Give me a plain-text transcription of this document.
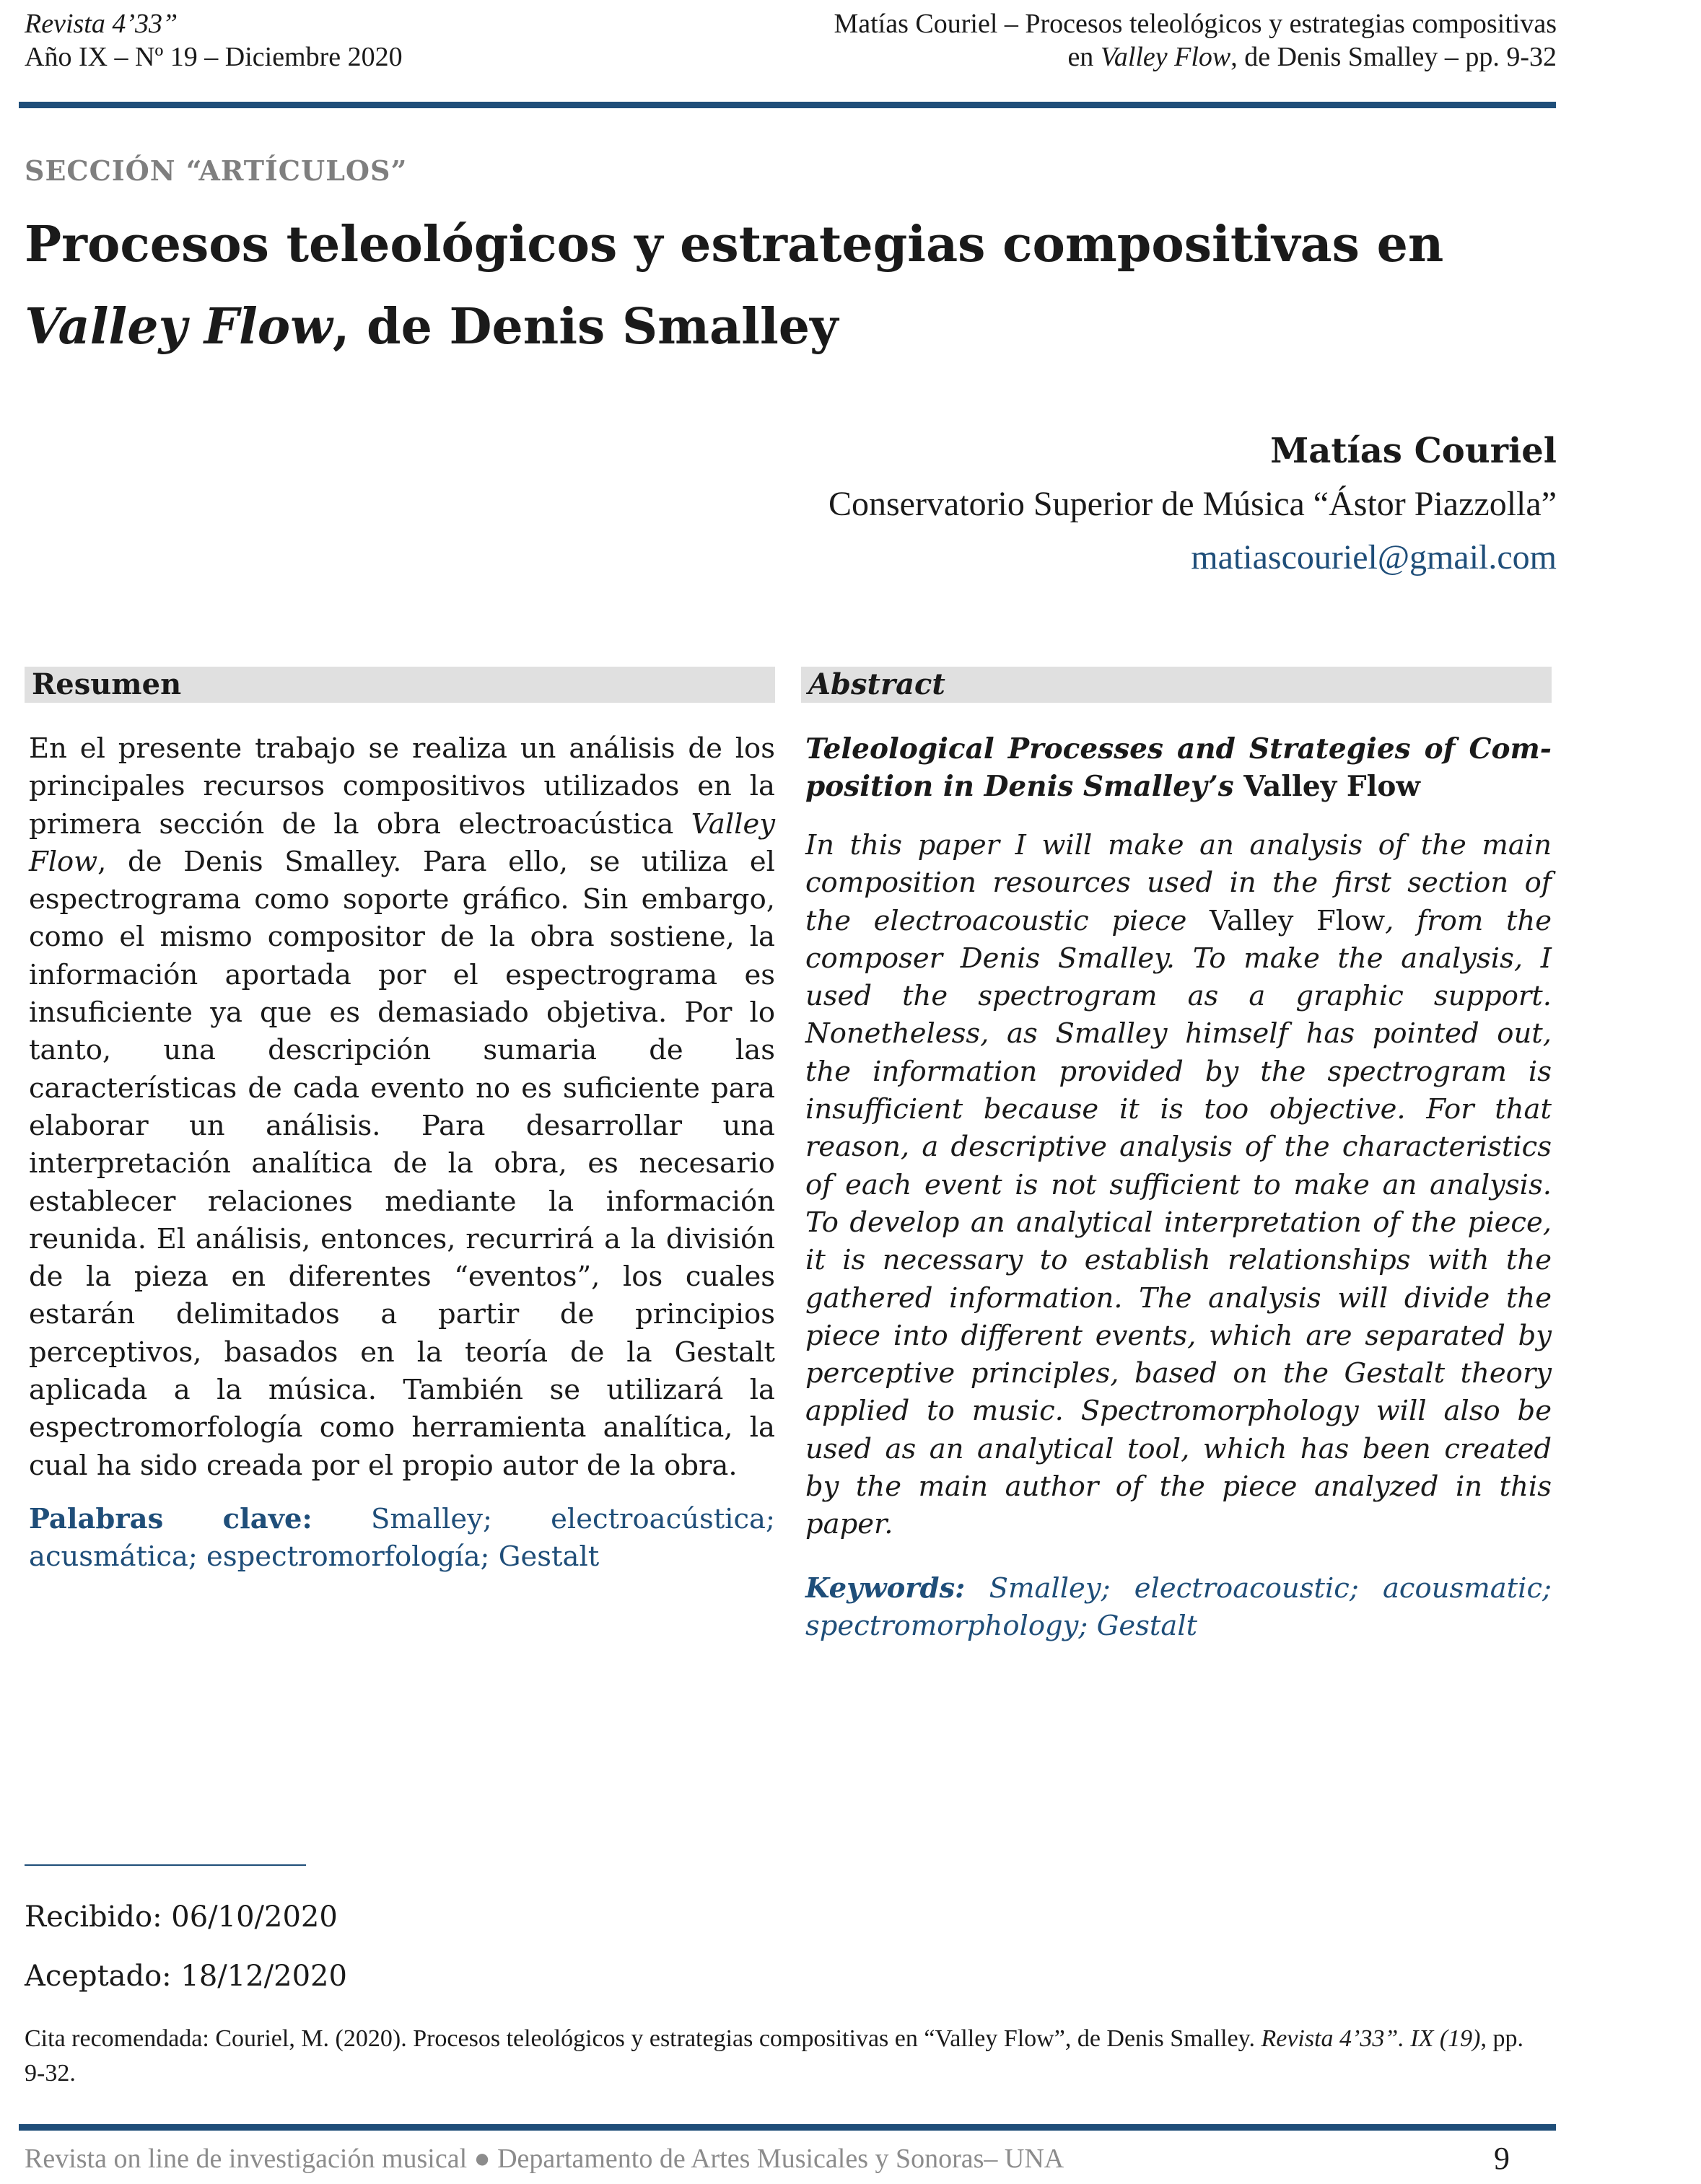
Revista 4’33”
Año IX – Nº 19 – Diciembre 2020
Matías Couriel – Procesos teleológicos y estrategias compositivas
en Valley Flow, de Denis Smalley – pp. 9-32
SECCIÓN “ARTÍCULOS”
Procesos teleológicos y estrategias compositivas en Valley Flow, de Denis Smalley
Matías Couriel
Conservatorio Superior de Música “Ástor Piazzolla”
matiascouriel@gmail.com
Resumen
En el presente trabajo se realiza un análisis de los principales recursos compositivos utilizados en la primera sección de la obra electroacústica Valley Flow, de Denis Smalley. Para ello, se utiliza el espectrograma como soporte gráfico. Sin embargo, como el mismo compositor de la obra sostiene, la información aportada por el espectrograma es insuficiente ya que es demasiado objetiva. Por lo tanto, una descripción sumaria de las características de cada evento no es suficiente para elaborar un análisis. Para desarrollar una interpretación analítica de la obra, es necesario establecer relaciones mediante la información reunida. El análisis, entonces, recurrirá a la división de la pieza en diferentes “eventos”, los cuales estarán delimitados a partir de principios perceptivos, basados en la teoría de la Gestalt aplicada a la música. También se utilizará la espectromorfología como herramienta analítica, la cual ha sido creada por el propio autor de la obra.
Palabras clave: Smalley; electroacústica; acusmática; espectromorfología; Gestalt
Abstract
Teleological Processes and Strategies of Com-position in Denis Smalley’s Valley Flow
In this paper I will make an analysis of the main composition resources used in the first section of the electroacoustic piece Valley Flow, from the composer Denis Smalley. To make the analysis, I used the spectrogram as a graphic support. Nonetheless, as Smalley himself has pointed out, the information provided by the spectrogram is insufficient because it is too objective. For that reason, a descriptive analysis of the characteristics of each event is not sufficient to make an analysis. To develop an analytical interpretation of the piece, it is necessary to establish relationships with the gathered information. The analysis will divide the piece into different events, which are separated by perceptive principles, based on the Gestalt theory applied to music. Spectromorphology will also be used as an analytical tool, which has been created by the main author of the piece analyzed in this paper.
Keywords: Smalley; electroacoustic; acousmatic; spectromorphology; Gestalt
Recibido: 06/10/2020
Aceptado: 18/12/2020
Cita recomendada: Couriel, M. (2020). Procesos teleológicos y estrategias compositivas en “Valley Flow”, de Denis Smalley. Revista 4’33”. IX (19), pp. 9-32.
Revista on line de investigación musical ● Departamento de Artes Musicales y Sonoras– UNA	9
